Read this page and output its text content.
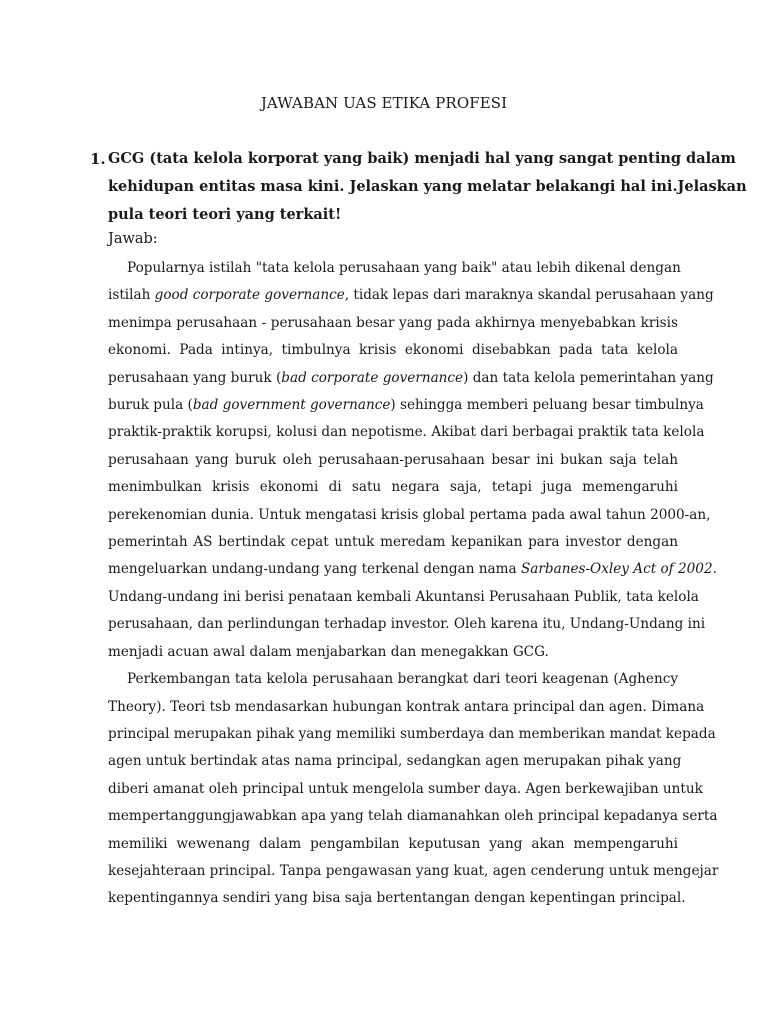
JAWABAN UAS ETIKA PROFESI
1. GCG (tata kelola korporat yang baik) menjadi hal yang sangat penting dalam
kehidupan entitas masa kini. Jelaskan yang melatar belakangi hal ini.Jelaskan
pula teori teori yang terkait!
Jawab:
Popularnya istilah "tata kelola perusahaan yang baik" atau lebih dikenal dengan
istilah good corporate governance, tidak lepas dari maraknya skandal perusahaan yang
menimpa perusahaan - perusahaan besar yang pada akhirnya menyebabkan krisis
ekonomi. Pada intinya, timbulnya krisis ekonomi disebabkan pada tata kelola
perusahaan yang buruk (bad corporate governance) dan tata kelola pemerintahan yang
buruk pula (bad government governance) sehingga memberi peluang besar timbulnya
praktik-praktik korupsi, kolusi dan nepotisme. Akibat dari berbagai praktik tata kelola
perusahaan yang buruk oleh perusahaan-perusahaan besar ini bukan saja telah
menimbulkan krisis ekonomi di satu negara saja, tetapi juga memengaruhi
perekenomian dunia. Untuk mengatasi krisis global pertama pada awal tahun 2000-an,
pemerintah AS bertindak cepat untuk meredam kepanikan para investor dengan
mengeluarkan undang-undang yang terkenal dengan nama Sarbanes-Oxley Act of 2002.
Undang-undang ini berisi penataan kembali Akuntansi Perusahaan Publik, tata kelola
perusahaan, dan perlindungan terhadap investor. Oleh karena itu, Undang-Undang ini
menjadi acuan awal dalam menjabarkan dan menegakkan GCG.
Perkembangan tata kelola perusahaan berangkat dari teori keagenan (Aghency
Theory). Teori tsb mendasarkan hubungan kontrak antara principal dan agen. Dimana
principal merupakan pihak yang memiliki sumberdaya dan memberikan mandat kepada
agen untuk bertindak atas nama principal, sedangkan agen merupakan pihak yang
diberi amanat oleh principal untuk mengelola sumber daya. Agen berkewajiban untuk
mempertanggungjawabkan apa yang telah diamanahkan oleh principal kepadanya serta
memiliki wewenang dalam pengambilan keputusan yang akan mempengaruhi
kesejahteraan principal. Tanpa pengawasan yang kuat, agen cenderung untuk mengejar
kepentingannya sendiri yang bisa saja bertentangan dengan kepentingan principal.
